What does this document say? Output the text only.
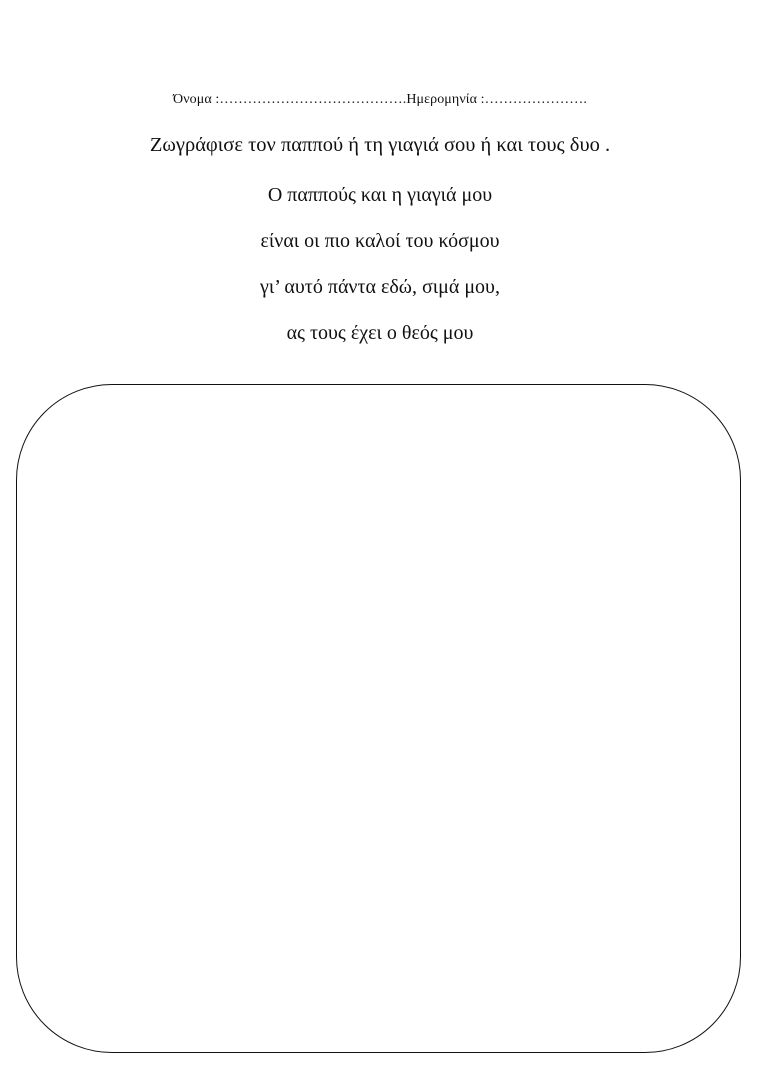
Όνομα :………………………………….Ημερομηνία :………………….
Ζωγράφισε τον παππού ή τη γιαγιά σου ή και τους δυο .
Ο παππούς και η γιαγιά μου
είναι οι πιο καλοί του κόσμου
γι’ αυτό πάντα εδώ, σιμά μου,
ας τους έχει ο θεός μου
